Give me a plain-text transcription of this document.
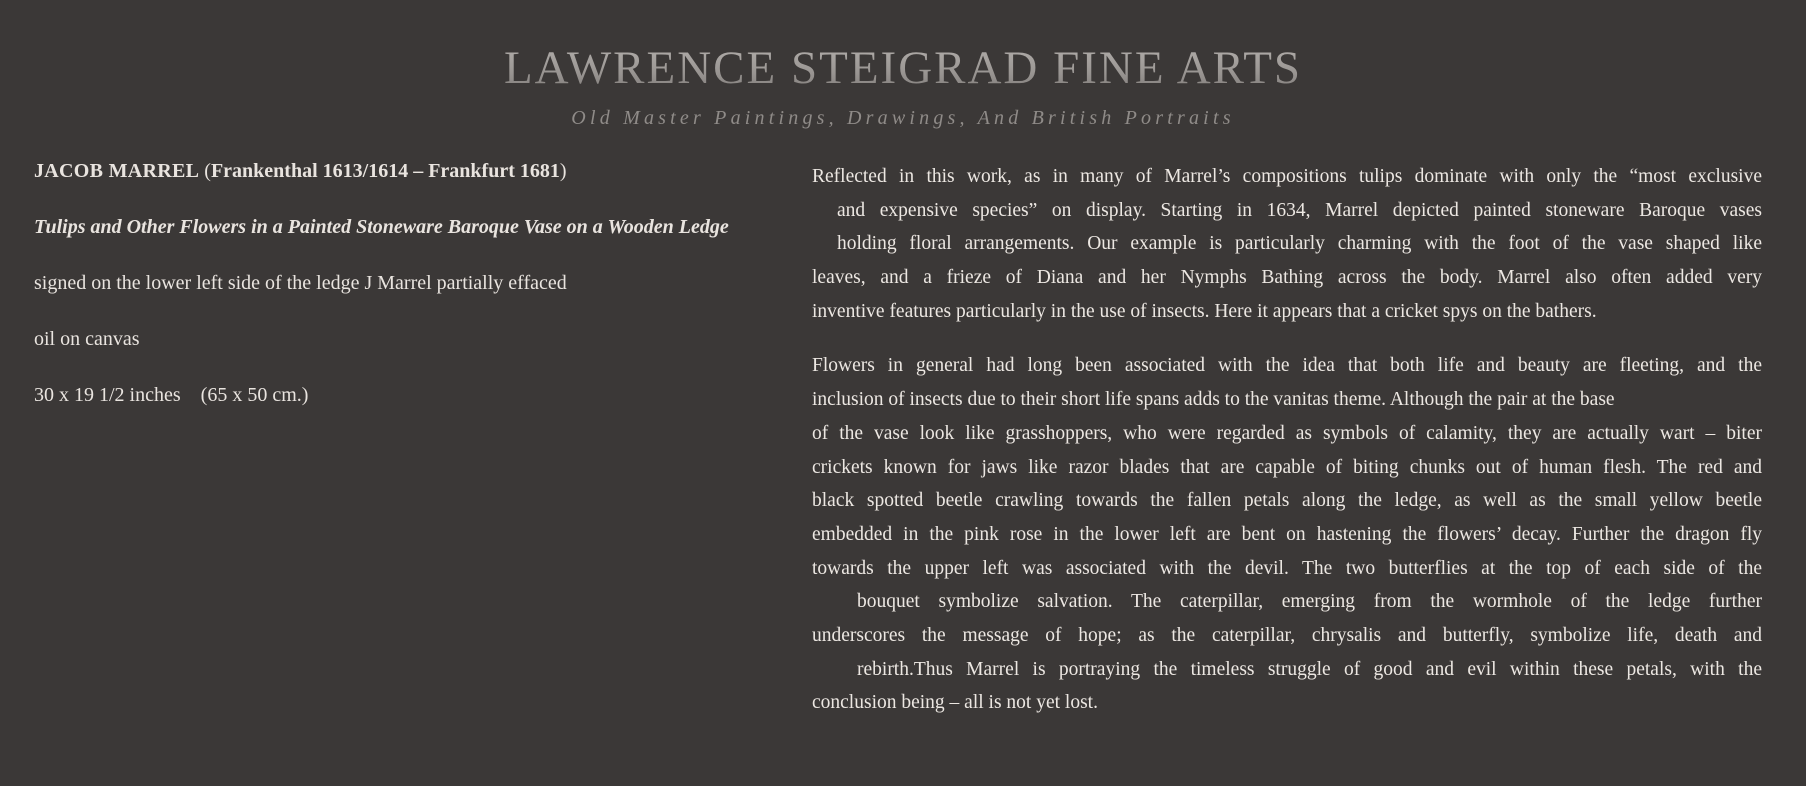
LAWRENCE STEIGRAD FINE ARTS
Old Master Paintings, Drawings, And British Portraits
JACOB MARREL (Frankenthal 1613/1614 – Frankfurt 1681)
Tulips and Other Flowers in a Painted Stoneware Baroque Vase on a Wooden Ledge
signed on the lower left side of the ledge J Marrel partially effaced
oil on canvas
30 x 19 1/2 inches (65 x 50 cm.)
Reflected in this work, as in many of Marrel’s compositions tulips dominate with only the “most exclusive
and expensive species” on display. Starting in 1634, Marrel depicted painted stoneware Baroque vases
holding floral arrangements. Our example is particularly charming with the foot of the vase shaped like
leaves, and a frieze of Diana and her Nymphs Bathing across the body. Marrel also often added very
inventive features particularly in the use of insects. Here it appears that a cricket spys on the bathers.
Flowers in general had long been associated with the idea that both life and beauty are fleeting, and the
inclusion of insects due to their short life spans adds to the vanitas theme. Although the pair at the base
of the vase look like grasshoppers, who were regarded as symbols of calamity, they are actually wart – biter
crickets known for jaws like razor blades that are capable of biting chunks out of human flesh. The red and
black spotted beetle crawling towards the fallen petals along the ledge, as well as the small yellow beetle
embedded in the pink rose in the lower left are bent on hastening the flowers’ decay. Further the dragon fly
towards the upper left was associated with the devil. The two butterflies at the top of each side of the
bouquet symbolize salvation. The caterpillar, emerging from the wormhole of the ledge further
underscores the message of hope; as the caterpillar, chrysalis and butterfly, symbolize life, death and
rebirth.Thus Marrel is portraying the timeless struggle of good and evil within these petals, with the
conclusion being – all is not yet lost.
